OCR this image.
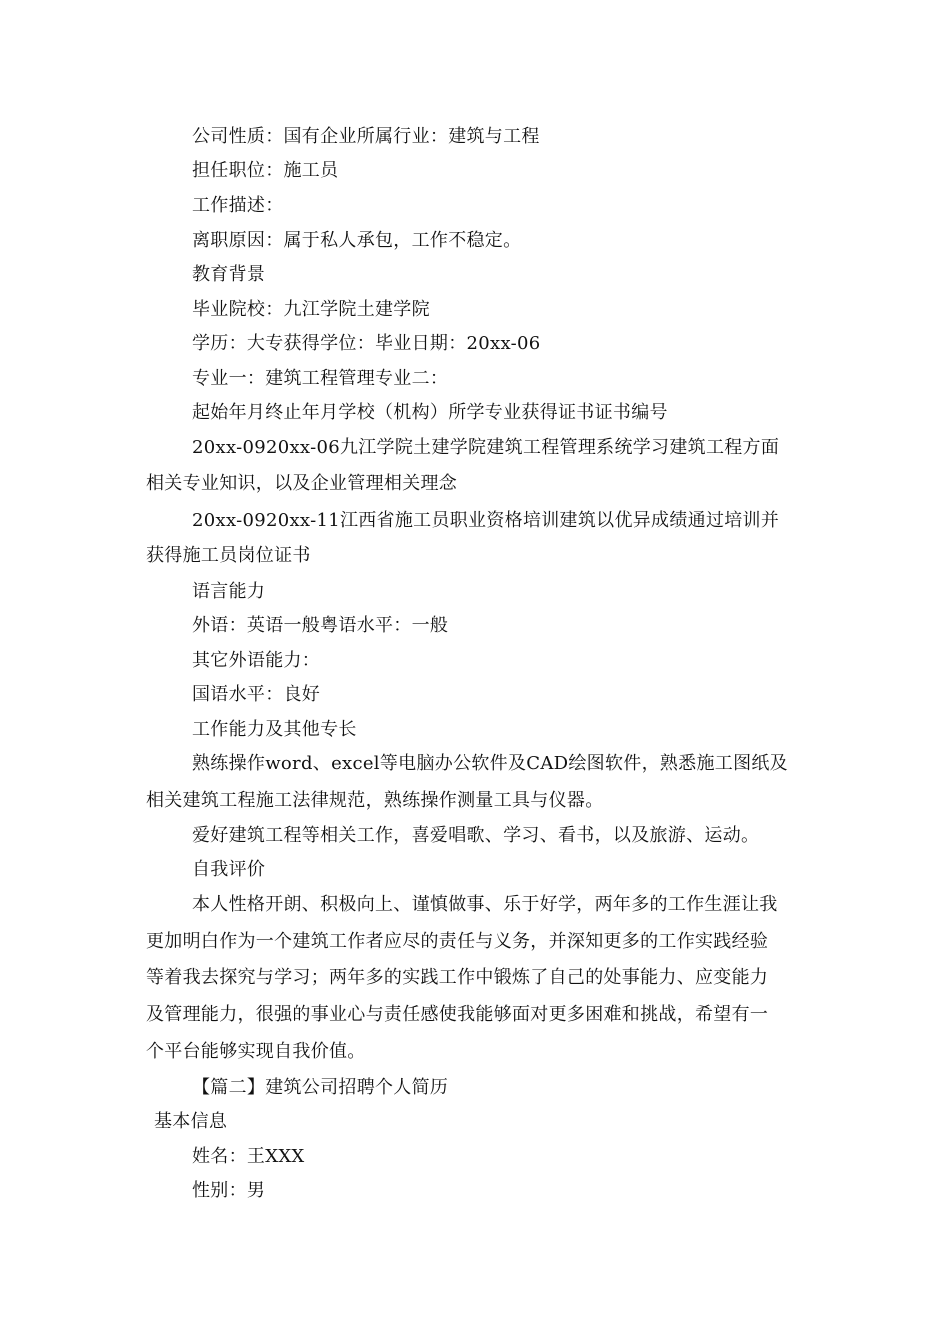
公司性质：国有企业所属行业：建筑与工程
担任职位：施工员
工作描述：
离职原因：属于私人承包，工作不稳定。
教育背景
毕业院校：九江学院土建学院
学历：大专获得学位：毕业日期：20xx-06
专业一：建筑工程管理专业二：
起始年月终止年月学校（机构）所学专业获得证书证书编号
20xx-0920xx-06九江学院土建学院建筑工程管理系统学习建筑工程方面
相关专业知识，以及企业管理相关理念
20xx-0920xx-11江西省施工员职业资格培训建筑以优异成绩通过培训并
获得施工员岗位证书
语言能力
外语：英语一般粤语水平：一般
其它外语能力：
国语水平：良好
工作能力及其他专长
熟练操作word、excel等电脑办公软件及CAD绘图软件，熟悉施工图纸及
相关建筑工程施工法律规范，熟练操作测量工具与仪器。
爱好建筑工程等相关工作，喜爱唱歌、学习、看书，以及旅游、运动。
自我评价
本人性格开朗、积极向上、谨慎做事、乐于好学，两年多的工作生涯让我
更加明白作为一个建筑工作者应尽的责任与义务，并深知更多的工作实践经验
等着我去探究与学习；两年多的实践工作中锻炼了自己的处事能力、应变能力
及管理能力，很强的事业心与责任感使我能够面对更多困难和挑战，希望有一
个平台能够实现自我价值。
【篇二】建筑公司招聘个人简历
基本信息
姓名：王XXX
性别：男
